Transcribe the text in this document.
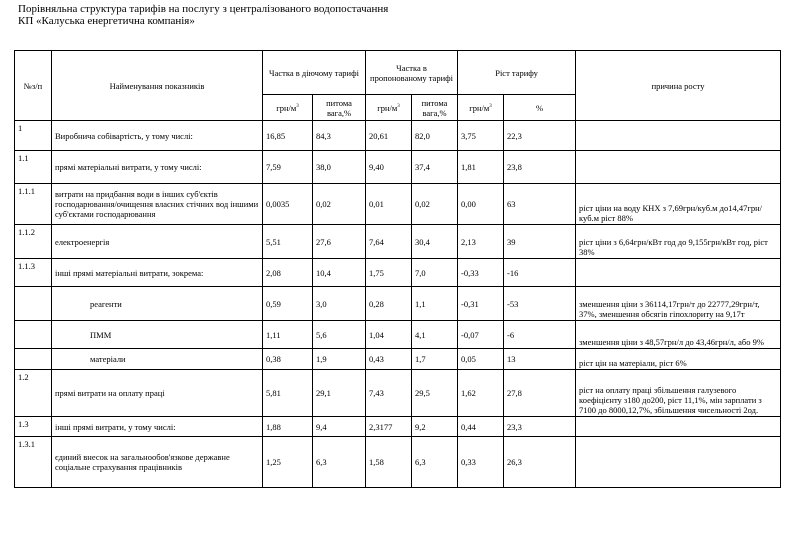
Порівняльна структура тарифів на послугу з централізованого водопостачання
КП «Калуська енергетична компанія»
№з/п	Найменування показників	Частка в діючому тарифі		Частка в пропонованому тарифі		Ріст тарифу		причина росту
		грн/$м^3$	питома вага,%	грн/$м^3$	питома вага,%	грн/$м^3$	%	
1	Виробнича собівартість, у тому числі:	16,85	84,3	20,61	82,0	3,75	22,3	
1.1	прямі матеріальні витрати, у тому числі:	7,59	38,0	9,40	37,4	1,81	23,8	
1.1.1	витрати на придбання води в інших суб'єктів господарювання/очищення власних стічних вод іншими суб'єктами господарювання	0,0035	0,02	0,01	0,02	0,00	63	ріст ціни на воду КНХ з 7,69грн/куб.м до14,47грн/куб.м ріст 88%
1.1.2	електроенергія	5,51	27,6	7,64	30,4	2,13	39	ріст ціни з 6,64грн/кВт год до 9,155грн/кВт год, ріст 38%
1.1.3	інші прямі матеріальні витрати, зокрема:	2,08	10,4	1,75	7,0	-0,33	-16	
	реагенти	0,59	3,0	0,28	1,1	-0,31	-53	зменшення ціни з 36114,17грн/т до 22777,29грн/т, 37%, зменшення обсягів гіпохлориту на 9,17т
	ПММ	1,11	5,6	1,04	4,1	-0,07	-6	зменшення ціни з 48,57грн/л до 43,46грн/л, або 9%
	матеріали	0,38	1,9	0,43	1,7	0,05	13	ріст цін на матеріали, ріст 6%
1.2	прямі витрати на оплату праці	5,81	29,1	7,43	29,5	1,62	27,8	ріст на оплату праці збільшення галузевого коефіцієнту з180 до200, ріст 11,1%, мін зарплати з 7100 до 8000,12,7%, збільшення чисельності 2од.
1.3	інші прямі витрати, у тому числі:	1,88	9,4	2,3177	9,2	0,44	23,3	
1.3.1	єдиний внесок на загальнообов'язкове державне соціальне страхування працівників	1,25	6,3	1,58	6,3	0,33	26,3	
